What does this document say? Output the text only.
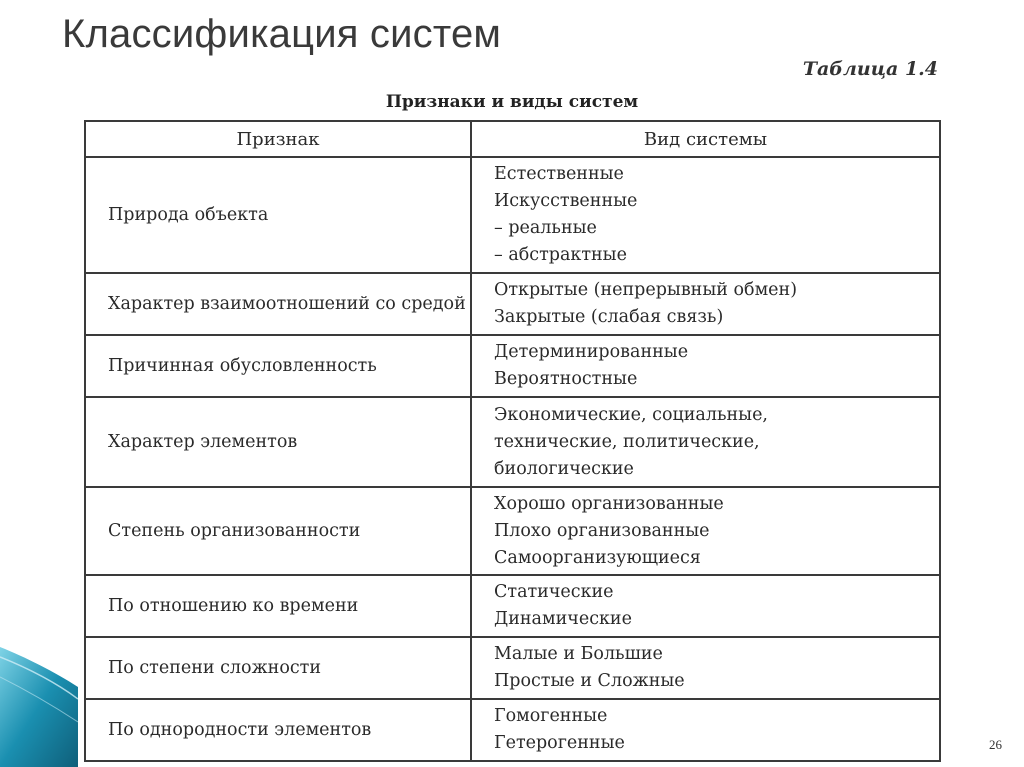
Классификация систем
Таблица 1.4
Признаки и виды систем
Признак	Вид системы
Природа объекта	Естественные
Искусственные
– реальные
– абстрактные

Характер взаимоотношений со средой	Открытые (непрерывный обмен)
Закрытые (слабая связь)

Причинная обусловленность	Детерминированные
Вероятностные

Характер элементов	Экономические, социальные,
технические, политические,
биологические

Степень организованности	Хорошо организованные
Плохо организованные
Самоорганизующиеся

По отношению ко времени	Статические
Динамические

По степени сложности	Малые и Большие
Простые и Сложные

По однородности элементов	Гомогенные
Гетерогенные	26
